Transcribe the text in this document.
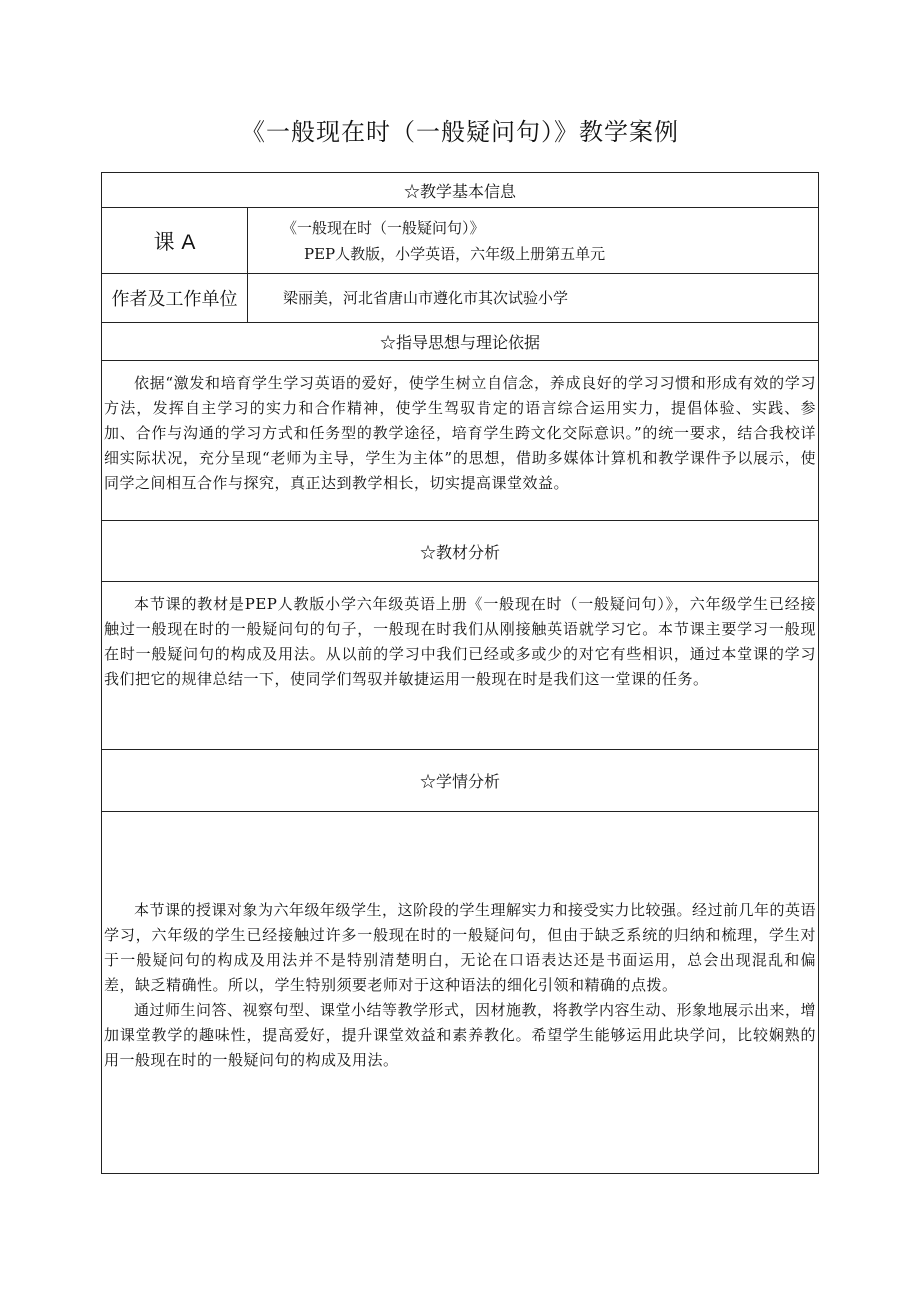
《一般现在时（一般疑问句）》教学案例
☆教学基本信息	
课 A	《一般现在时（一般疑问句）》
PEP人教版，小学英语，六年级上册第五单元

作者及工作单位	梁丽美，河北省唐山市遵化市其次试验小学
☆指导思想与理论依据	

依据“激发和培育学生学习英语的爱好，使学生树立自信念，养成良好的学习习惯和形成有效的学习方法，发挥自主学习的实力和合作精神，使学生驾驭肯定的语言综合运用实力，提倡体验、实践、参加、合作与沟通的学习方式和任务型的教学途径，培育学生跨文化交际意识。”的统一要求，结合我校详细实际状况，充分呈现“老师为主导，学生为主体”的思想，借助多媒体计算机和教学课件予以展示，使同学之间相互合作与探究，真正达到教学相长，切实提高课堂效益。	

☆教材分析	

本节课的教材是PEP人教版小学六年级英语上册《一般现在时（一般疑问句）》，六年级学生已经接触过一般现在时的一般疑问句的句子，一般现在时我们从刚接触英语就学习它。本节课主要学习一般现在时一般疑问句的构成及用法。从以前的学习中我们已经或多或少的对它有些相识，通过本堂课的学习我们把它的规律总结一下，使同学们驾驭并敏捷运用一般现在时是我们这一堂课的任务。	

☆学情分析	

本节课的授课对象为六年级年级学生，这阶段的学生理解实力和接受实力比较强。经过前几年的英语学习，六年级的学生已经接触过许多一般现在时的一般疑问句，但由于缺乏系统的归纳和梳理，学生对于一般疑问句的构成及用法并不是特别清楚明白，无论在口语表达还是书面运用，总会出现混乱和偏差，缺乏精确性。所以，学生特别须要老师对于这种语法的细化引领和精确的点拨。

通过师生问答、视察句型、课堂小结等教学形式，因材施教，将教学内容生动、形象地展示出来，增加课堂教学的趣味性，提高爱好，提升课堂效益和素养教化。希望学生能够运用此块学问，比较娴熟的用一般现在时的一般疑问句的构成及用法。	
